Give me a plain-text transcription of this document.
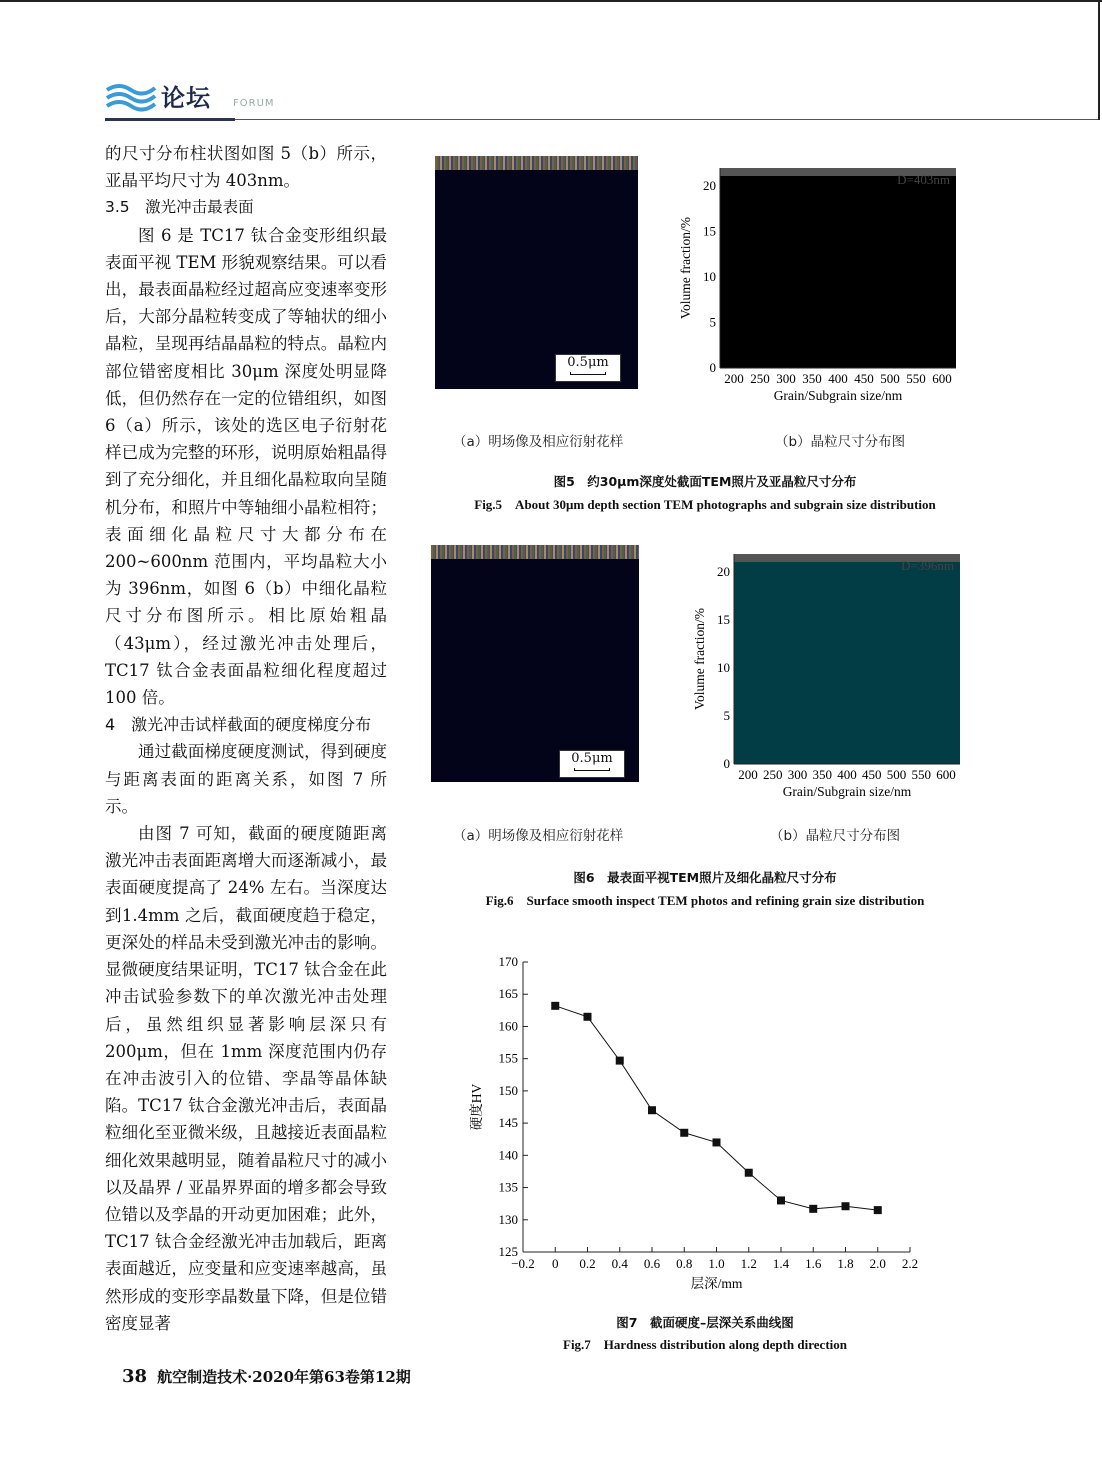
论坛 FORUM

的尺寸分布柱状图如图 5（b）所示，亚晶平均尺寸为 403nm。

3.5　激光冲击最表面

图 6 是 TC17 钛合金变形组织最表面平视 TEM 形貌观察结果。可以看出，最表面晶粒经过超高应变速率变形后，大部分晶粒转变成了等轴状的细小晶粒，呈现再结晶晶粒的特点。晶粒内部位错密度相比 30μm 深度处明显降低，但仍然存在一定的位错组织，如图 6（a）所示，该处的选区电子衍射花样已成为完整的环形，说明原始粗晶得到了充分细化，并且细化晶粒取向呈随机分布，和照片中等轴细小晶粒相符；表面细化晶粒尺寸大都分布在 200~600nm 范围内，平均晶粒大小为 396nm，如图 6（b）中细化晶粒尺寸分布图所示。相比原始粗晶（43μm），经过激光冲击处理后，TC17 钛合金表面晶粒细化程度超过 100 倍。

4　激光冲击试样截面的硬度梯度分布

通过截面梯度硬度测试，得到硬度与距离表面的距离关系，如图 7 所示。

由图 7 可知，截面的硬度随距离激光冲击表面距离增大而逐渐减小，最表面硬度提高了 24% 左右。当深度达到1.4mm 之后，截面硬度趋于稳定，更深处的样品未受到激光冲击的影响。显微硬度结果证明，TC17 钛合金在此冲击试验参数下的单次激光冲击处理后，虽然组织显著影响层深只有 200μm，但在 1mm 深度范围内仍存在冲击波引入的位错、孪晶等晶体缺陷。TC17 钛合金激光冲击后，表面晶粒细化至亚微米级，且越接近表面晶粒细化效果越明显，随着晶粒尺寸的减小以及晶界 / 亚晶界界面的增多都会导致位错以及孪晶的开动更加困难；此外，TC17 钛合金经激光冲击加载后，距离表面越近，应变量和应变速率越高，虽然形成的变形孪晶数量下降，但是位错密度显著

0.5μm
D=403nm
0
5
10
15
20
200 250 300 350 400 450 500 550 600
Grain/Subgrain size/nm
Volume fraction/%
（a）明场像及相应衍射花样	（b）晶粒尺寸分布图
图5　约30μm深度处截面TEM照片及亚晶粒尺寸分布
Fig.5　About 30μm depth section TEM photographs and subgrain size distribution
0.5μm
D=396nm
0
5
10
15
20
200 250 300 350 400 450 500 550 600
Grain/Subgrain size/nm
Volume fraction/%
（a）明场像及相应衍射花样	（b）晶粒尺寸分布图
图6　最表面平视TEM照片及细化晶粒尺寸分布
Fig.6　Surface smooth inspect TEM photos and refining grain size distribution
125
130
135
140
145
150
155
160
165
170
−0.2 0 0.2 0.4 0.6 0.8 1.0 1.2 1.4 1.6 1.8 2.0 2.2
层深/mm
硬度HV
图7　截面硬度–层深关系曲线图
Fig.7　Hardness distribution along depth direction
38 航空制造技术·2020年第63卷第12期
